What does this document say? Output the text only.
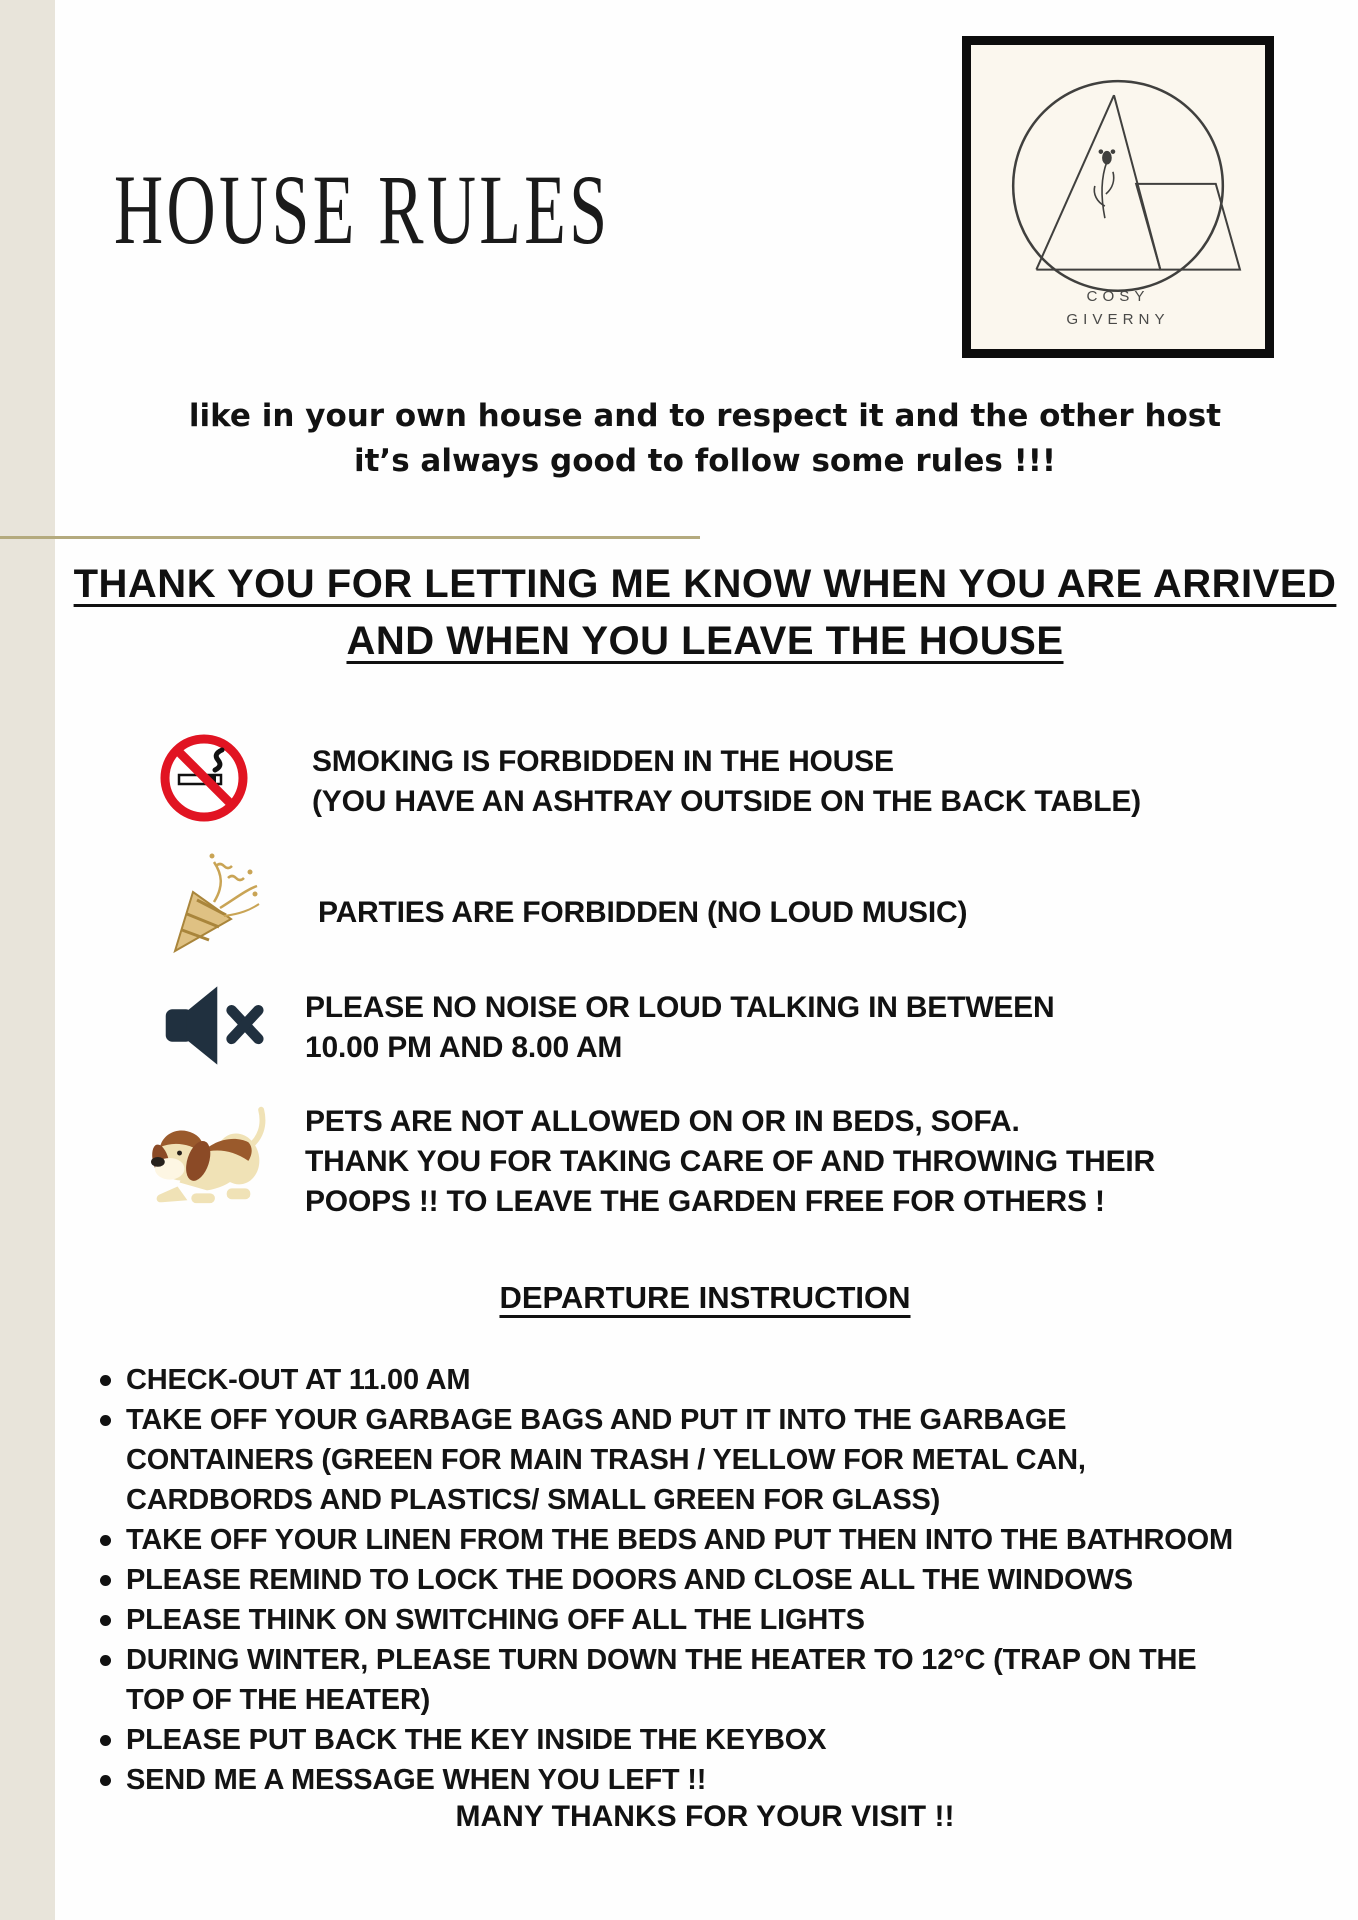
HOUSE RULES
COSY
GIVERNY
like in your own house and to respect it and the other host
it’s always good to follow some rules !!!
THANK YOU FOR LETTING ME KNOW WHEN YOU ARE ARRIVED
AND WHEN YOU LEAVE THE HOUSE
SMOKING IS FORBIDDEN IN THE HOUSE
(YOU HAVE AN ASHTRAY OUTSIDE ON THE BACK TABLE)
PARTIES ARE FORBIDDEN (NO LOUD MUSIC)
PLEASE NO NOISE OR LOUD TALKING IN BETWEEN
10.00 PM AND 8.00 AM
PETS ARE NOT ALLOWED ON OR IN BEDS, SOFA.
THANK YOU FOR TAKING CARE OF AND THROWING THEIR
POOPS !! TO LEAVE THE GARDEN FREE FOR OTHERS !
DEPARTURE INSTRUCTION
CHECK-OUT AT 11.00 AM
TAKE OFF YOUR GARBAGE BAGS AND PUT IT INTO THE GARBAGE CONTAINERS (GREEN FOR MAIN TRASH / YELLOW FOR METAL CAN, CARDBORDS AND PLASTICS/ SMALL GREEN FOR GLASS)
TAKE OFF YOUR LINEN FROM THE BEDS AND PUT THEN INTO THE BATHROOM
PLEASE REMIND TO LOCK THE DOORS AND CLOSE ALL THE WINDOWS
PLEASE THINK ON SWITCHING OFF ALL THE LIGHTS
DURING WINTER, PLEASE TURN DOWN THE HEATER TO 12°C (TRAP ON THE TOP OF THE HEATER)
PLEASE PUT BACK THE KEY INSIDE THE KEYBOX
SEND ME A MESSAGE WHEN YOU LEFT !!
MANY THANKS FOR YOUR VISIT !!
